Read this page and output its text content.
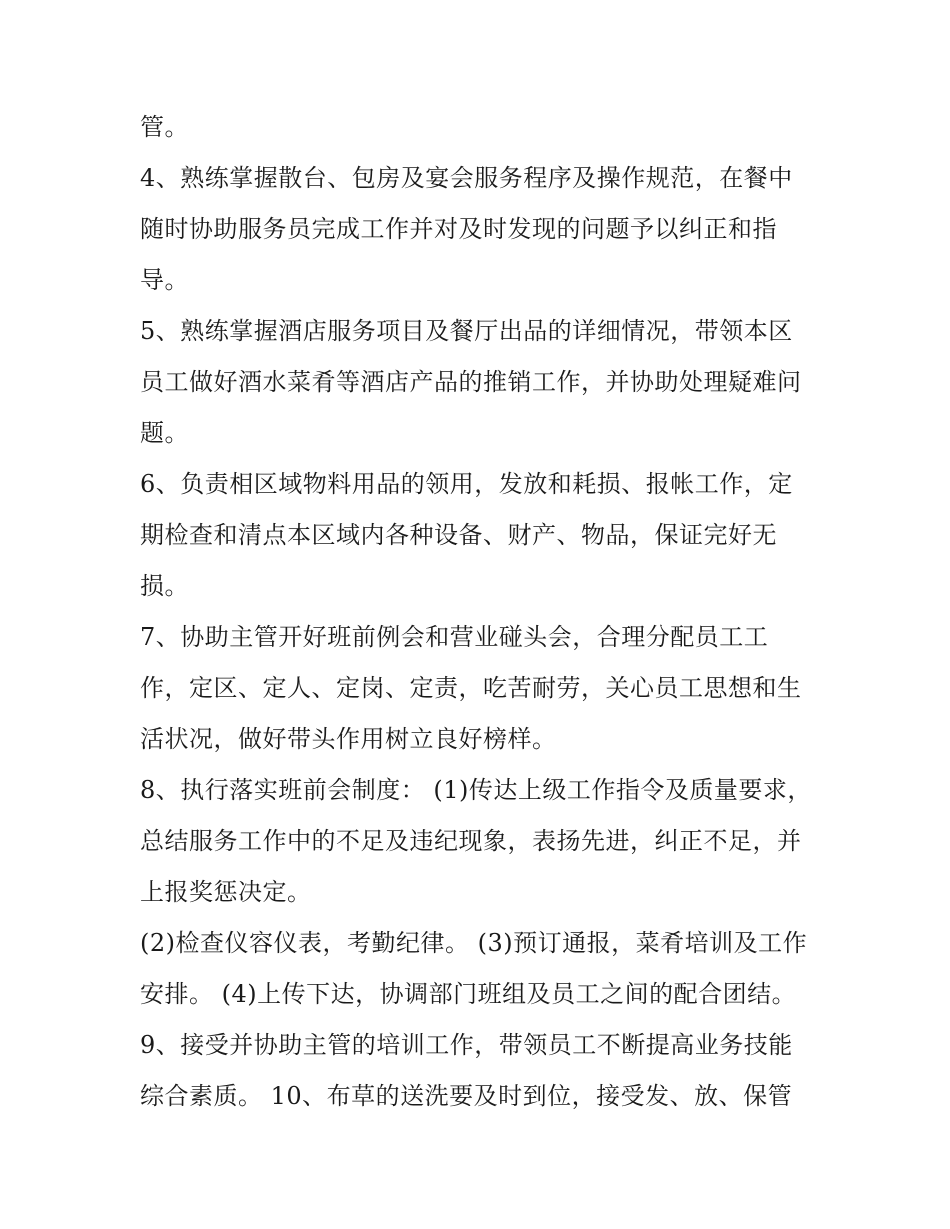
管。
4、熟练掌握散台、包房及宴会服务程序及操作规范，在餐中
随时协助服务员完成工作并对及时发现的问题予以纠正和指
导。
5、熟练掌握酒店服务项目及餐厅出品的详细情况，带领本区
员工做好酒水菜肴等酒店产品的推销工作，并协助处理疑难问
题。
6、负责相区域物料用品的领用，发放和耗损、报帐工作，定
期检查和清点本区域内各种设备、财产、物品，保证完好无
损。
7、协助主管开好班前例会和营业碰头会，合理分配员工工
作，定区、定人、定岗、定责，吃苦耐劳，关心员工思想和生
活状况，做好带头作用树立良好榜样。
8、执行落实班前会制度： (1)传达上级工作指令及质量要求，
总结服务工作中的不足及违纪现象，表扬先进，纠正不足，并
上报奖惩决定。
(2)检查仪容仪表，考勤纪律。 (3)预订通报，菜肴培训及工作
安排。 (4)上传下达，协调部门班组及员工之间的配合团结。
9、接受并协助主管的培训工作，带领员工不断提高业务技能
综合素质。 10、布草的送洗要及时到位，接受发、放、保管
